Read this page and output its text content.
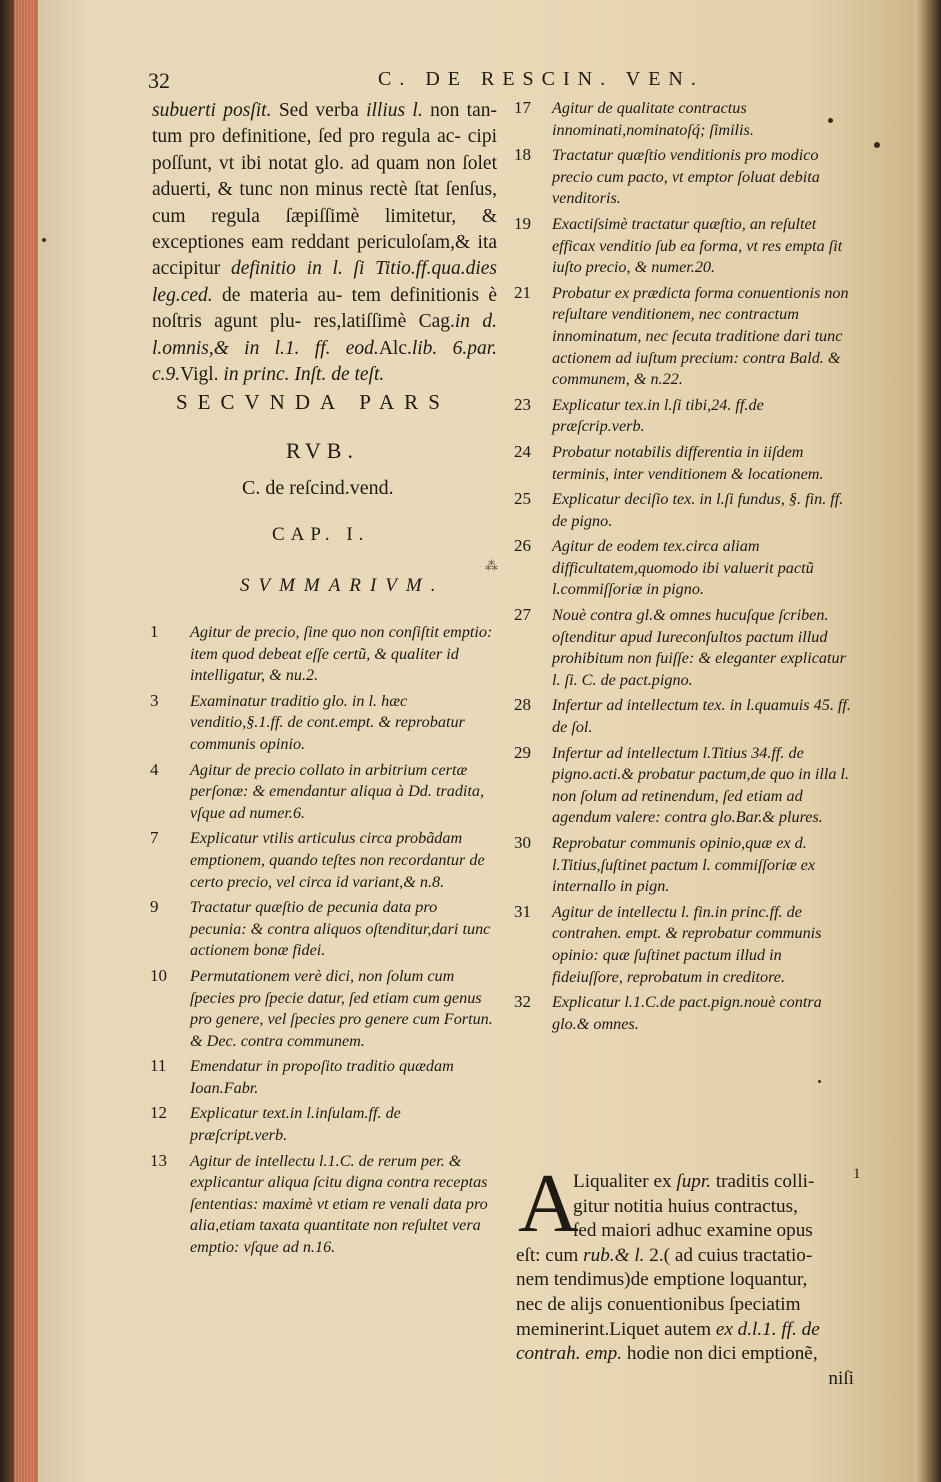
32	C. DE RESCIN. VEN.

subuerti posſit. Sed verba illius l. non tan- tum pro definitione, ſed pro regula ac- cipi poſſunt, vt ibi notat glo. ad quam non ſolet aduerti, & tunc non minus rectè ſtat ſenſus, cum regula ſæpiſſimè limitetur, & exceptiones eam reddant periculoſam,& ita accipitur definitio in l. ſi Titio.ff.qua.dies leg.ced. de materia au- tem definitionis è noſtris agunt plu- res,latiſſimè Cag.in d. l.omnis,& in l.1. ff. eod.Alc.lib. 6.par. c.9.Vigl. in princ. Inſt. de teſt.

SECVNDA PARS
RVB.
C. de reſcind.vend.
CAP. I.
SVMMARIVM.
⁂
1 Agitur de precio, ſine quo non conſiſtit emptio: item quod debeat eſſe certũ, & qualiter id intelligatur, & nu.2.
3 Examinatur traditio glo. in l. hæc venditio,§.1.ff. de cont.empt. & reprobatur communis opinio.
4 Agitur de precio collato in arbitrium certæ perſonæ: & emendantur aliqua à Dd. tradita, vſque ad numer.6.
7 Explicatur vtilis articulus circa probãdam emptionem, quando teſtes non recordantur de certo precio, vel circa id variant,& n.8.
9 Tractatur quæſtio de pecunia data pro pecunia: & contra aliquos oſtenditur,dari tunc actionem bonæ fidei.
10 Permutationem verè dici, non ſolum cum ſpecies pro ſpecie datur, ſed etiam cum genus pro genere, vel ſpecies pro genere cum Fortun. & Dec. contra communem.
11 Emendatur in propoſito traditio quædam Ioan.Fabr.
12 Explicatur text.in l.inſulam.ff. de præſcript.verb.
13 Agitur de intellectu l.1.C. de rerum per. & explicantur aliqua ſcitu digna contra receptas ſententias: maximè vt etiam re venali data pro alia,etiam taxata quantitate non reſultet vera emptio: vſque ad n.16.
17 Agitur de qualitate contractus innominati,nominatoſq́; ſimilis.
18 Tractatur quæſtio venditionis pro modico precio cum pacto, vt emptor ſoluat debita venditoris.
19 Exactiſsimè tractatur quæſtio, an reſultet efficax venditio ſub ea forma, vt res empta ſit iuſto precio, & numer.20.
21 Probatur ex prædicta forma conuentionis non reſultare venditionem, nec contractum innominatum, nec ſecuta traditione dari tunc actionem ad iuſtum precium: contra Bald. & communem, & n.22.
23 Explicatur tex.in l.ſi tibi,24. ff.de præſcrip.verb.
24 Probatur notabilis differentia in iiſdem terminis, inter venditionem & locationem.
25 Explicatur deciſio tex. in l.ſi fundus, §. fin. ff. de pigno.
26 Agitur de eodem tex.circa aliam difficultatem,quomodo ibi valuerit pactũ l.commiſſoriæ in pigno.
27 Nouè contra gl.& omnes hucuſque ſcriben. oſtenditur apud Iureconſultos pactum illud prohibitum non fuiſſe: & eleganter explicatur l. ſi. C. de pact.pigno.
28 Infertur ad intellectum tex. in l.quamuis 45. ff. de ſol.
29 Infertur ad intellectum l.Titius 34.ff. de pigno.acti.& probatur pactum,de quo in illa l. non ſolum ad retinendum, ſed etiam ad agendum valere: contra glo.Bar.& plures.
30 Reprobatur communis opinio,quæ ex d. l.Titius,ſuſtinet pactum l. commiſſoriæ ex internallo in pign.
31 Agitur de intellectu l. fin.in princ.ff. de contrahen. empt. & reprobatur communis opinio: quæ ſuſtinet pactum illud in fideiuſſore, reprobatum in creditore.
32 Explicatur l.1.C.de pact.pign.nouè contra glo.& omnes.
A	1

Liqualiter ex ſupr. traditis colli-

gitur notitia huius contractus,

ſed maiori adhuc examine opus

eſt: cum rub.& l. 2.( ad cuius tractatio-

nem tendimus)de emptione loquantur,

nec de alijs conuentionibus ſpeciatim

meminerint.Liquet autem ex d.l.1. ff. de

contrah. emp. hodie non dici emptionẽ,

niſi
